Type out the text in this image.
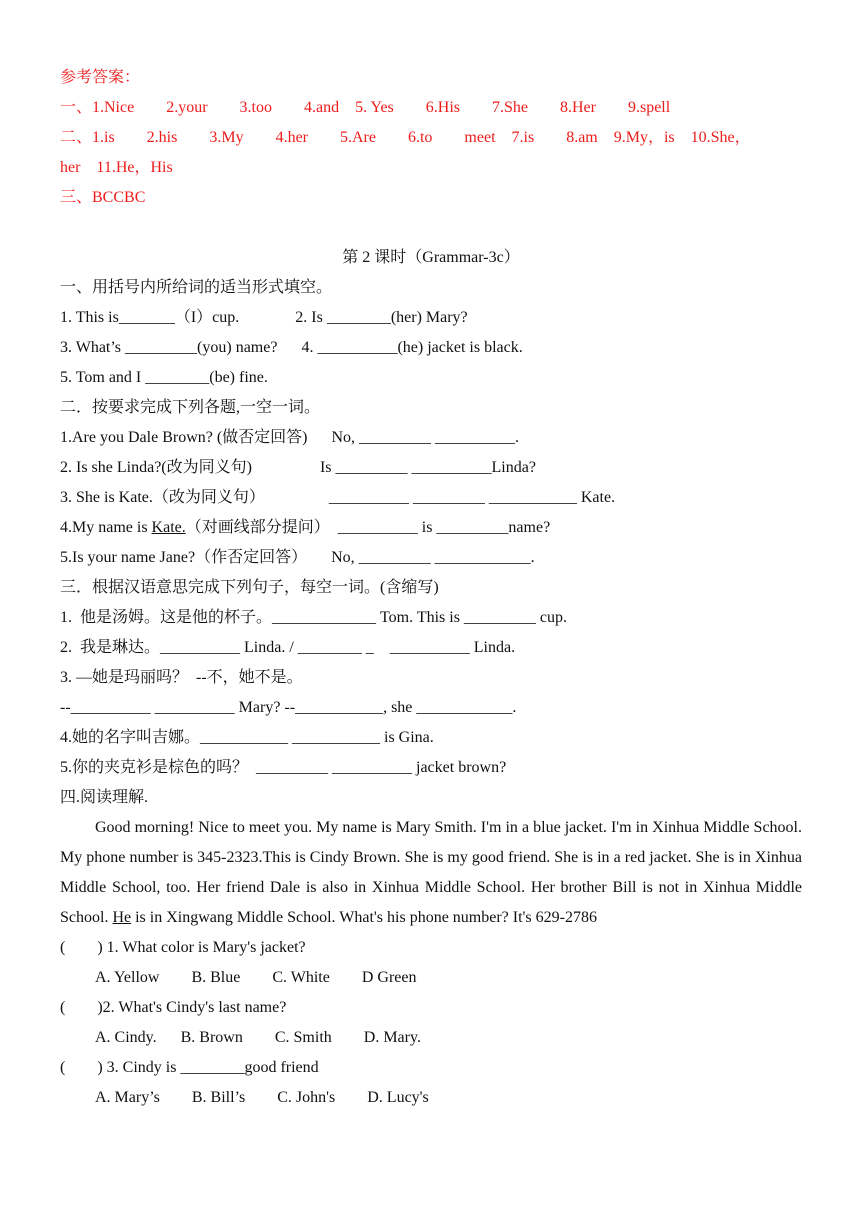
参考答案：
一、1.Nice        2.your        3.too        4.and    5. Yes        6.His        7.She        8.Her        9.spell
二、1.is        2.his        3.My        4.her        5.Are        6.to        meet    7.is        8.am    9.My，is    10.She，
her    11.He，His
三、BCCBC
第 2 课时（Grammar-3c）
一、用括号内所给词的适当形式填空。
1. This is_______（I）cup.              2. Is ________(her) Mary?
3. What’s _________(you) name?      4. __________(he) jacket is black.
5. Tom and I ________(be) fine.
二．按要求完成下列各题,一空一词。
1.Are you Dale Brown? (做否定回答)      No, _________ __________.
2. Is she Linda?(改为同义句)                 Is _________ __________Linda?
3. She is Kate.（改为同义句）                __________ _________ ___________ Kate.
4.My name is Kate.（对画线部分提问）  __________ is _________name?
5.Is your name Jane?（作否定回答）      No, _________ ____________.
三．根据汉语意思完成下列句子，每空一词。(含缩写)
1.  他是汤姆。这是他的杯子。_____________ Tom. This is _________ cup.
2.  我是琳达。__________ Linda. / ________ _    __________ Linda.
3. —她是玛丽吗？  --不，她不是。
--__________ __________ Mary? --___________, she ____________.
4.她的名字叫吉娜。___________ ___________ is Gina.
5.你的夹克衫是棕色的吗？  _________ __________ jacket brown?
四.阅读理解.

Good morning! Nice to meet you. My name is Mary Smith. I'm in a blue jacket. I'm in Xinhua Middle School. My phone number is 345-2323.This is Cindy Brown. She is my good friend. She is in a red jacket. She is in Xinhua Middle School, too. Her friend Dale is also in Xinhua Middle School. Her brother Bill is not in Xinhua Middle School. He is in Xingwang Middle School. What's his phone number? It's 629-2786

(        ) 1. What color is Mary's jacket?
A. Yellow        B. Blue        C. White        D Green
(        )2. What's Cindy's last name?
A. Cindy.      B. Brown        C. Smith        D. Mary.
(        ) 3. Cindy is ________good friend
A. Mary’s        B. Bill’s        C. John's        D. Lucy's
